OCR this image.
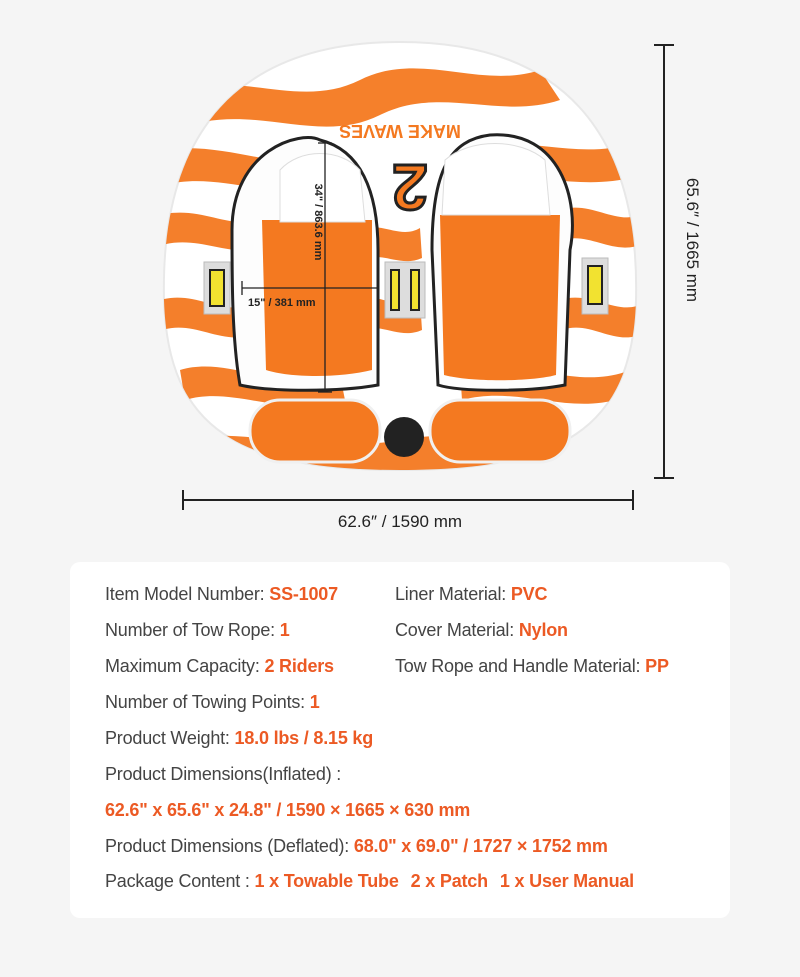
MAKE WAVES
2
34" / 863.6 mm
15" / 381 mm
62.6″ / 1590 mm
65.6″ / 1665 mm
Item Model Number: SS-1007	Liner Material: PVC
Number of Tow Rope: 1	Cover Material: Nylon
Maximum Capacity: 2 Riders	Tow Rope and Handle Material: PP
Number of Towing Points: 1
Product Weight: 18.0 lbs / 8.15 kg
Product Dimensions(Inflated) :
62.6" x 65.6" x 24.8" / 1590 × 1665 × 630 mm
Product Dimensions (Deflated): 68.0" x 69.0" / 1727 × 1752 mm
Package Content : 1 x Towable Tube 2 x Patch 1 x User Manual
